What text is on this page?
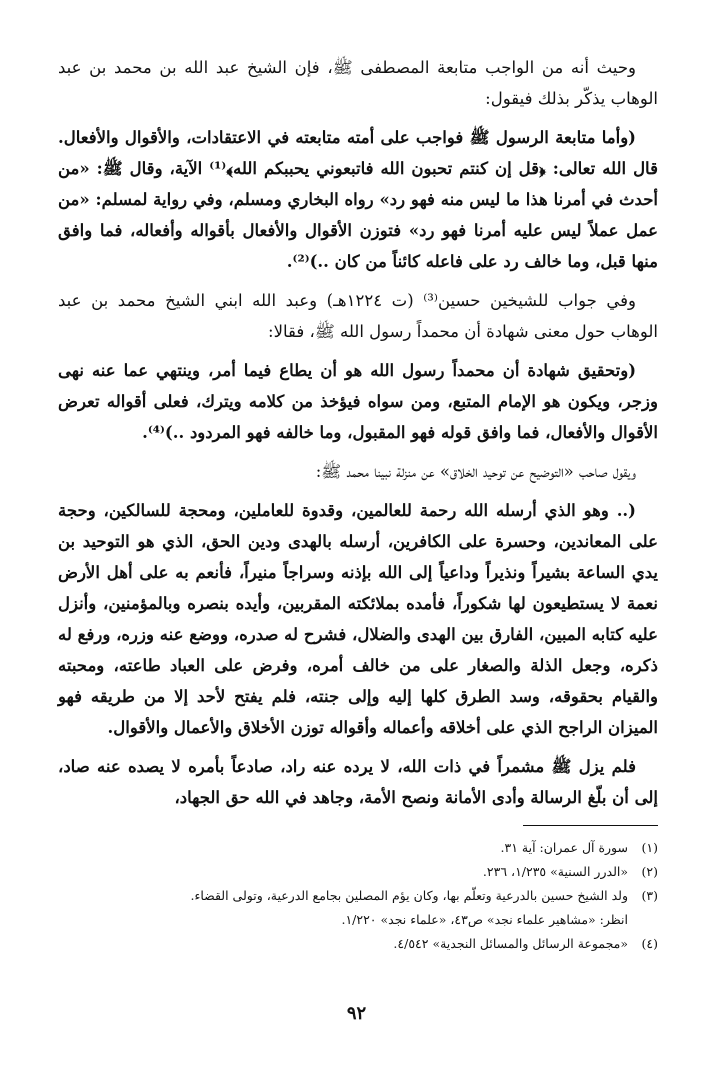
وحيث أنه من الواجب متابعة المصطفى ﷺ، فإن الشيخ عبد الله بن محمد بن عبد الوهاب يذكّر بذلك فيقول:

(وأما متابعة الرسول ﷺ فواجب على أمته متابعته في الاعتقادات، والأقوال والأفعال. قال الله تعالى: ﴿قل إن كنتم تحبون الله فاتبعوني يحببكم الله﴾⁽¹⁾ الآية، وقال ﷺ: «من أحدث في أمرنا هذا ما ليس منه فهو رد» رواه البخاري ومسلم، وفي رواية لمسلم: «من عمل عملاً ليس عليه أمرنا فهو رد» فتوزن الأقوال والأفعال بأقواله وأفعاله، فما وافق منها قبل، وما خالف رد على فاعله كائناً من كان ..)⁽²⁾.

وفي جواب للشيخين حسين⁽³⁾ (ت ١٢٢٤هـ) وعبد الله ابني الشيخ محمد بن عبد الوهاب حول معنى شهادة أن محمداً رسول الله ﷺ، فقالا:

(وتحقيق شهادة أن محمداً رسول الله هو أن يطاع فيما أمر، وينتهي عما عنه نهى وزجر، ويكون هو الإمام المتبع، ومن سواه فيؤخذ من كلامه ويترك، فعلى أقواله تعرض الأقوال والأفعال، فما وافق قوله فهو المقبول، وما خالفه فهو المردود ..)⁽⁴⁾.

ويقول صاحب «التوضيح عن توحيد الخلاق» عن منزلة نبينا محمد ﷺ:

(.. وهو الذي أرسله الله رحمة للعالمين، وقدوة للعاملين، ومحجة للسالكين، وحجة على المعاندين، وحسرة على الكافرين، أرسله بالهدى ودين الحق، الذي هو التوحيد بن يدي الساعة بشيراً ونذيراً وداعياً إلى الله بإذنه وسراجاً منيراً، فأنعم به على أهل الأرض نعمة لا يستطيعون لها شكوراً، فأمده بملائكته المقربين، وأيده بنصره وبالمؤمنين، وأنزل عليه كتابه المبين، الفارق بين الهدى والضلال، فشرح له صدره، ووضع عنه وزره، ورفع له ذكره، وجعل الذلة والصغار على من خالف أمره، وفرض على العباد طاعته، ومحبته والقيام بحقوقه، وسد الطرق كلها إليه وإلى جنته، فلم يفتح لأحد إلا من طريقه فهو الميزان الراجح الذي على أخلاقه وأعماله وأقواله توزن الأخلاق والأعمال والأقوال.

فلم يزل ﷺ مشمراً في ذات الله، لا يرده عنه راد، صادعاً بأمره لا يصده عنه صاد، إلى أن بلّغ الرسالة وأدى الأمانة ونصح الأمة، وجاهد في الله حق الجهاد،

(١)
سورة آل عمران: آية ٣١.

(٢)
«الدرر السنية» ١/٢٣٥، ٢٣٦.

(٣)
ولد الشيخ حسين بالدرعية وتعلّم بها، وكان يؤم المصلين بجامع الدرعية، وتولى القضاء.

انظر: «مشاهير علماء نجد» ص٤٣، «علماء نجد» ١/٢٢٠.

(٤)
«مجموعة الرسائل والمسائل النجدية» ٤/٥٤٢.

٩٢
